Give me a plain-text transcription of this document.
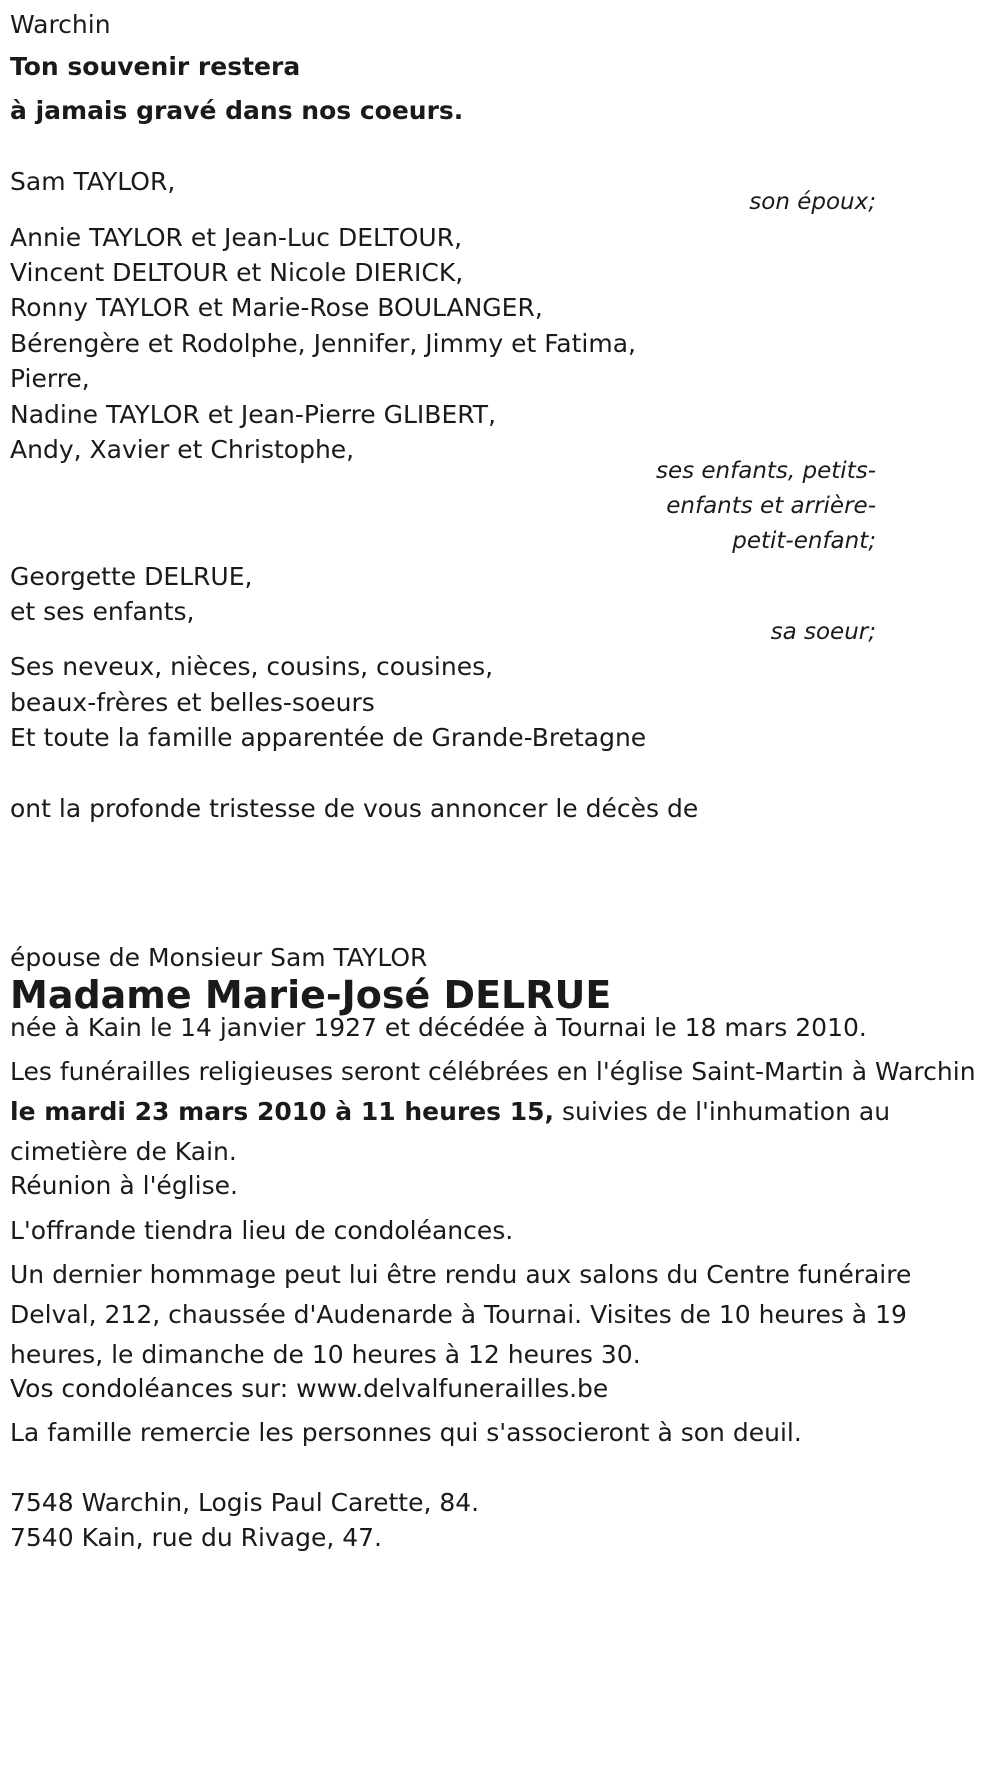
Warchin
Ton souvenir restera
à jamais gravé dans nos coeurs.
Sam TAYLOR,
son époux;
Annie TAYLOR et Jean-Luc DELTOUR,
Vincent DELTOUR et Nicole DIERICK,
Ronny TAYLOR et Marie-Rose BOULANGER,
Bérengère et Rodolphe, Jennifer, Jimmy et Fatima,
Pierre,
Nadine TAYLOR et Jean-Pierre GLIBERT,
Andy, Xavier et Christophe,
ses enfants, petits-
enfants et arrière-
petit-enfant;
Georgette DELRUE,
et ses enfants,
sa soeur;
Ses neveux, nièces, cousins, cousines,
beaux-frères et belles-soeurs
Et toute la famille apparentée de Grande-Bretagne
ont la profonde tristesse de vous annoncer le décès de
Madame Marie-José DELRUE
épouse de Monsieur Sam TAYLOR
née à Kain le 14 janvier 1927 et décédée à Tournai le 18 mars 2010.
Les funérailles religieuses seront célébrées en l'église Saint-Martin à Warchin le mardi 23 mars 2010 à 11 heures 15, suivies de l'inhumation au cimetière de Kain.
Réunion à l'église.
L'offrande tiendra lieu de condoléances.
Un dernier hommage peut lui être rendu aux salons du Centre funéraire Delval, 212, chaussée d'Audenarde à Tournai. Visites de 10 heures à 19 heures, le dimanche de 10 heures à 12 heures 30.
Vos condoléances sur: www.delvalfunerailles.be
La famille remercie les personnes qui s'associeront à son deuil.
7548 Warchin, Logis Paul Carette, 84.
7540 Kain, rue du Rivage, 47.
